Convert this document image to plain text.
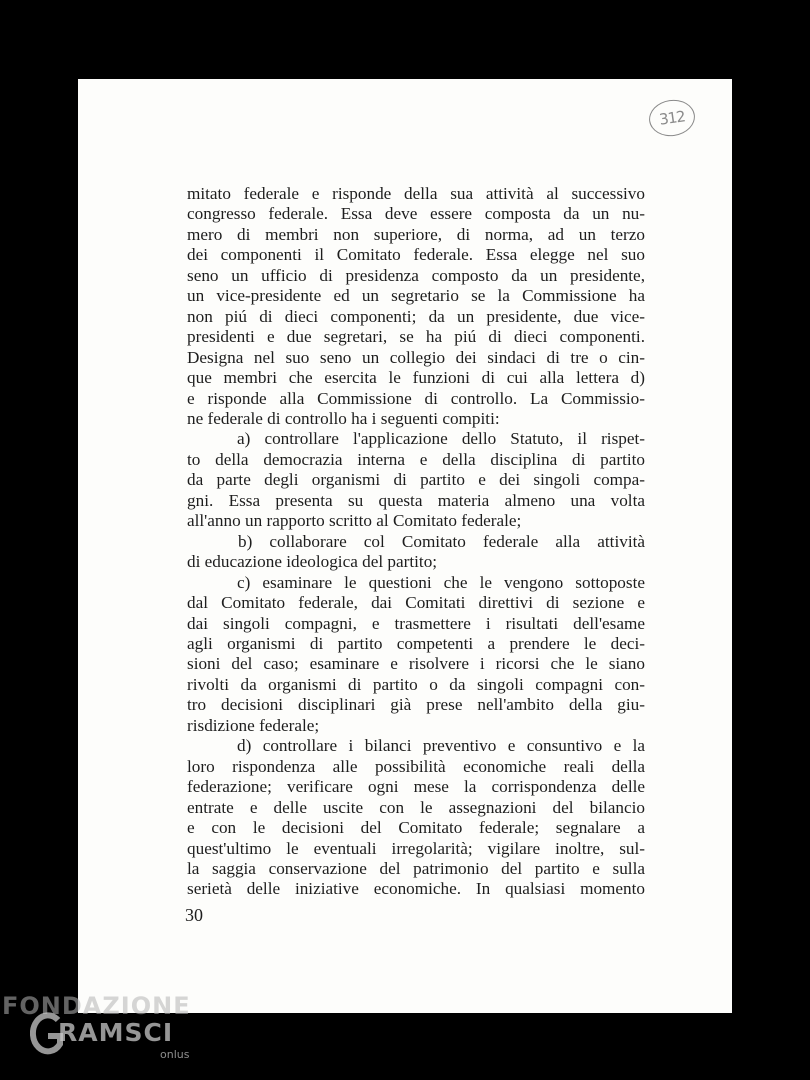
312
mitato federale e risponde della sua attività al successivo
congresso federale. Essa deve essere composta da un nu-
mero di membri non superiore, di norma, ad un terzo
dei componenti il Comitato federale. Essa elegge nel suo
seno un ufficio di presidenza composto da un presidente,
un vice-presidente ed un segretario se la Commissione ha
non piú di dieci componenti; da un presidente, due vice-
presidenti e due segretari, se ha piú di dieci componenti.
Designa nel suo seno un collegio dei sindaci di tre o cin-
que membri che esercita le funzioni di cui alla lettera d)
e risponde alla Commissione di controllo. La Commissio-
ne federale di controllo ha i seguenti compiti:
a) controllare l'applicazione dello Statuto, il rispet-
to della democrazia interna e della disciplina di partito
da parte degli organismi di partito e dei singoli compa-
gni. Essa presenta su questa materia almeno una volta
all'anno un rapporto scritto al Comitato federale;
b) collaborare col Comitato federale alla attività
di educazione ideologica del partito;
c) esaminare le questioni che le vengono sottoposte
dal Comitato federale, dai Comitati direttivi di sezione e
dai singoli compagni, e trasmettere i risultati dell'esame
agli organismi di partito competenti a prendere le deci-
sioni del caso; esaminare e risolvere i ricorsi che le siano
rivolti da organismi di partito o da singoli compagni con-
tro decisioni disciplinari già prese nell'ambito della giu-
risdizione federale;
d) controllare i bilanci preventivo e consuntivo e la
loro rispondenza alle possibilità economiche reali della
federazione; verificare ogni mese la corrispondenza delle
entrate e delle uscite con le assegnazioni del bilancio
e con le decisioni del Comitato federale; segnalare a
quest'ultimo le eventuali irregolarità; vigilare inoltre, sul-
la saggia conservazione del patrimonio del partito e sulla
serietà delle iniziative economiche. In qualsiasi momento
30
FONDAZIONE
RAMSCI
onlus
